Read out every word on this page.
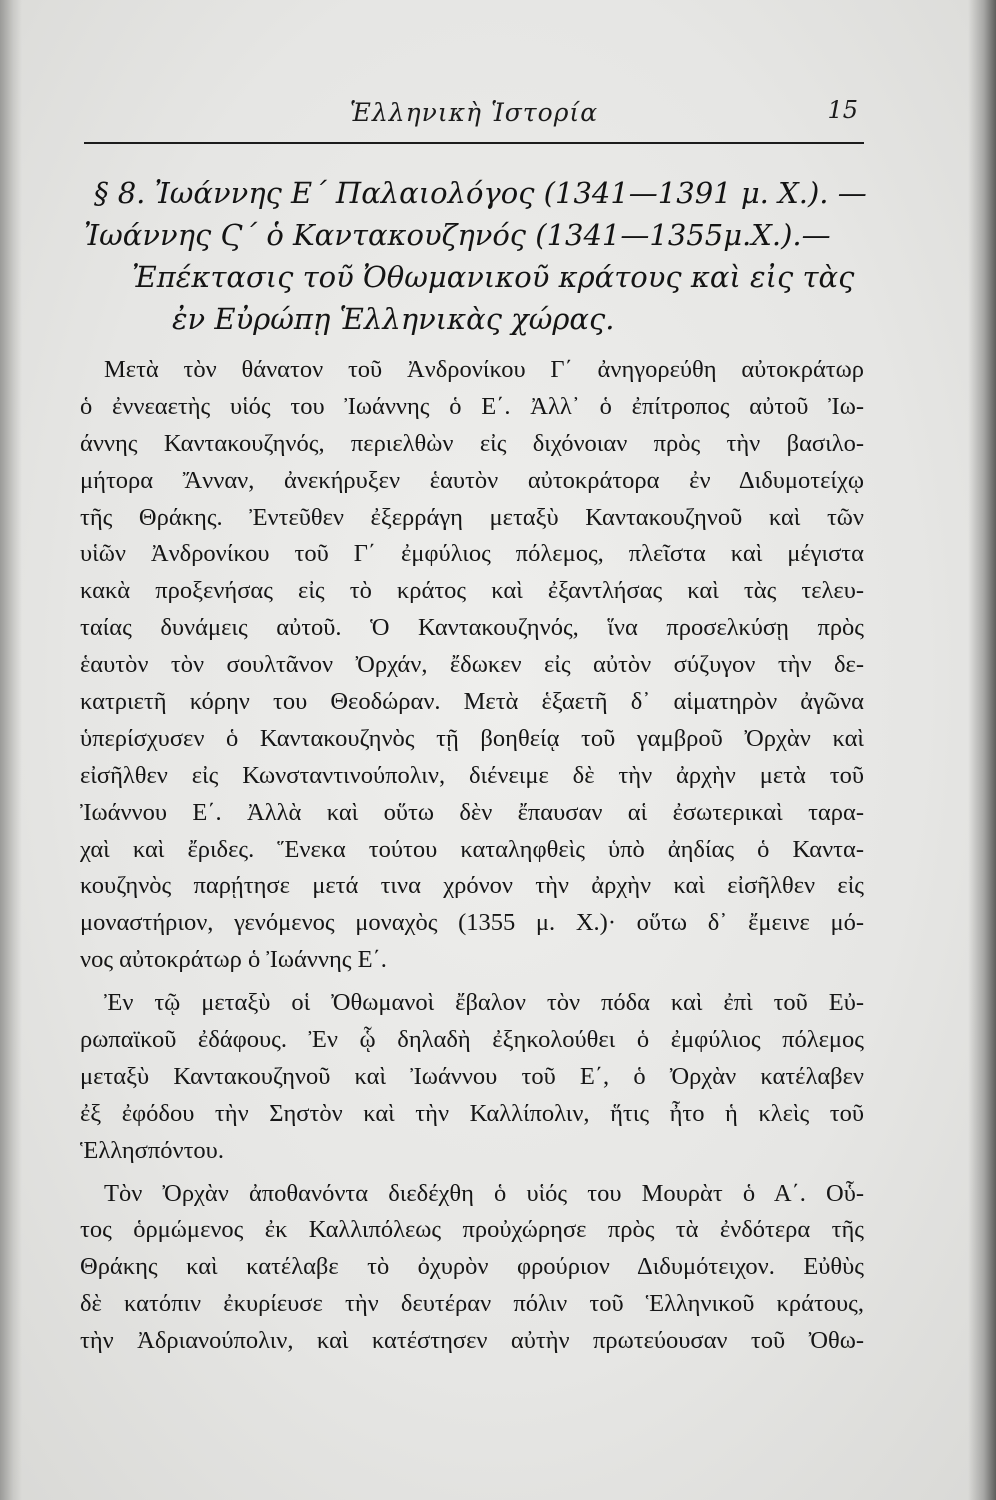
Ἑλληνικὴ Ἱστορία	15
§ 8. Ἰωάννης Ε΄ Παλαιολόγος (1341—1391 μ. Χ.). —
Ἰωάννης Ϛ΄ ὁ Καντακουζηνός (1341—1355μ.Χ.).—
Ἐπέκτασις τοῦ Ὀθωμανικοῦ κράτους καὶ εἰς τὰς
ἐν Εὐρώπῃ Ἑλληνικὰς χώρας.
Μετὰ τὸν θάνατον τοῦ Ἀνδρονίκου Γ΄ ἀνηγορεύθη αὐτοκράτωρ
ὁ ἐννεαετὴς υἱός του Ἰωάννης ὁ Ε΄. Ἀλλ᾽ ὁ ἐπίτροπος αὐτοῦ Ἰω-
άννης Καντακουζηνός, περιελθὼν εἰς διχόνοιαν πρὸς τὴν βασιλο-
μήτορα Ἄνναν, ἀνεκήρυξεν ἑαυτὸν αὐτοκράτορα ἐν Διδυμοτείχῳ
τῆς Θράκης. Ἐντεῦθεν ἐξερράγη μεταξὺ Καντακουζηνοῦ καὶ τῶν
υἱῶν Ἀνδρονίκου τοῦ Γ΄ ἐμφύλιος πόλεμος, πλεῖστα καὶ μέγιστα
κακὰ προξενήσας εἰς τὸ κράτος καὶ ἐξαντλήσας καὶ τὰς τελευ-
ταίας δυνάμεις αὐτοῦ. Ὁ Καντακουζηνός, ἵνα προσελκύσῃ πρὸς
ἑαυτὸν τὸν σουλτᾶνον Ὀρχάν, ἔδωκεν εἰς αὐτὸν σύζυγον τὴν δε-
κατριετῆ κόρην του Θεοδώραν. Μετὰ ἑξαετῆ δ᾽ αἱματηρὸν ἀγῶνα
ὑπερίσχυσεν ὁ Καντακουζηνὸς τῇ βοηθείᾳ τοῦ γαμβροῦ Ὀρχὰν καὶ
εἰσῆλθεν εἰς Κωνσταντινούπολιν, διένειμε δὲ τὴν ἀρχὴν μετὰ τοῦ
Ἰωάννου Ε΄. Ἀλλὰ καὶ οὕτω δὲν ἔπαυσαν αἱ ἐσωτερικαὶ ταρα-
χαὶ καὶ ἔριδες. Ἕνεκα τούτου καταληφθεὶς ὑπὸ ἀηδίας ὁ Καντα-
κουζηνὸς παρῄτησε μετά τινα χρόνον τὴν ἀρχὴν καὶ εἰσῆλθεν εἰς
μοναστήριον, γενόμενος μοναχὸς (1355 μ. Χ.)· οὕτω δ᾽ ἔμεινε μό-
νος αὐτοκράτωρ ὁ Ἰωάννης Ε΄.
Ἐν τῷ μεταξὺ οἱ Ὀθωμανοὶ ἔβαλον τὸν πόδα καὶ ἐπὶ τοῦ Εὐ-
ρωπαϊκοῦ ἐδάφους. Ἐν ᾧ δηλαδὴ ἐξηκολούθει ὁ ἐμφύλιος πόλεμος
μεταξὺ Καντακουζηνοῦ καὶ Ἰωάννου τοῦ Ε΄, ὁ Ὀρχὰν κατέλαβεν
ἐξ ἐφόδου τὴν Σηστὸν καὶ τὴν Καλλίπολιν, ἥτις ἦτο ἡ κλεὶς τοῦ
Ἑλλησπόντου.
Τὸν Ὀρχὰν ἀποθανόντα διεδέχθη ὁ υἱός του Μουρὰτ ὁ Α΄. Οὗ-
τος ὁρμώμενος ἐκ Καλλιπόλεως προὐχώρησε πρὸς τὰ ἐνδότερα τῆς
Θράκης καὶ κατέλαβε τὸ ὀχυρὸν φρούριον Διδυμότειχον. Εὐθὺς
δὲ κατόπιν ἐκυρίευσε τὴν δευτέραν πόλιν τοῦ Ἑλληνικοῦ κράτους,
τὴν Ἀδριανούπολιν, καὶ κατέστησεν αὐτὴν πρωτεύουσαν τοῦ Ὀθω-
